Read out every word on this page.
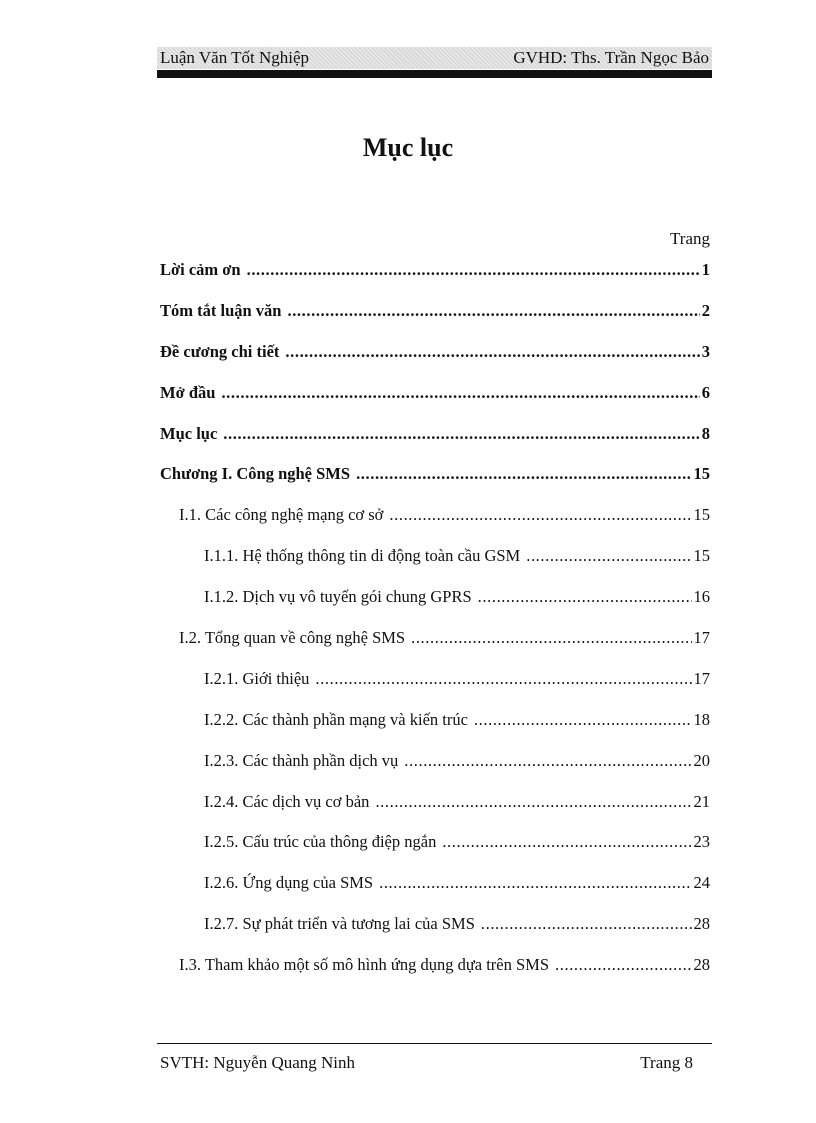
Luận Văn Tốt Nghiệp	GVHD: Ths. Trần Ngọc Bảo
Mục lục
Trang
Lời cảm ơn .....	1
Tóm tắt luận văn .....	2
Đề cương chi tiết .....	3
Mở đầu .....	6
Mục lục .....	8
Chương I. Công nghệ SMS .....	15
I.1. Các công nghệ mạng cơ sở .....	15
I.1.1. Hệ thống thông tin di động toàn cầu GSM .....	15
I.1.2. Dịch vụ vô tuyến gói chung GPRS .....	16
I.2. Tổng quan về công nghệ SMS .....	17
I.2.1. Giới thiệu .....	17
I.2.2. Các thành phần mạng và kiến trúc .....	18
I.2.3. Các thành phần dịch vụ .....	20
I.2.4. Các dịch vụ cơ bản .....	21
I.2.5. Cấu trúc của thông điệp ngắn .....	23
I.2.6. Ứng dụng của SMS .....	24
I.2.7. Sự phát triển và tương lai của SMS .....	28
I.3. Tham khảo một số mô hình ứng dụng dựa trên SMS .....	28
SVTH: Nguyễn Quang Ninh	Trang 8
